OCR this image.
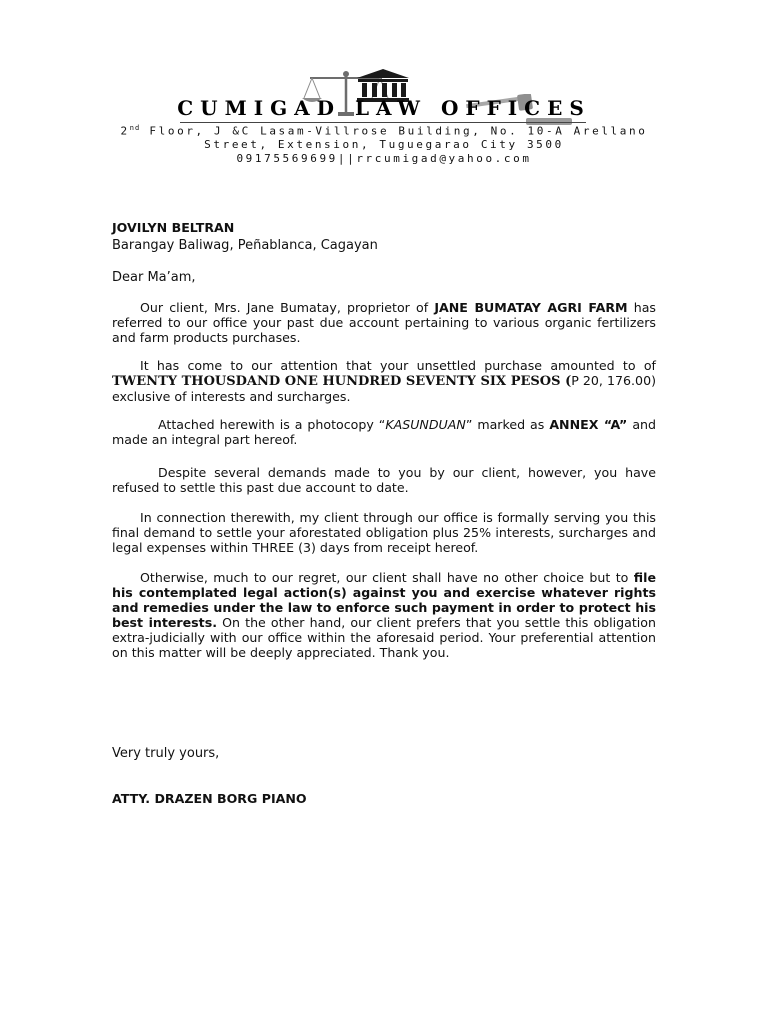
CUMIGAD LAW OFFICES
2nd Floor, J &C Lasam-Villrose Building, No. 10-A Arellano
Street, Extension, Tuguegarao City 3500
09175569699||rrcumigad@yahoo.com

JOVILYN BELTRAN

Barangay Baliwag, Peñablanca, Cagayan

Dear Ma’am,

Our client, Mrs. Jane Bumatay, proprietor of JANE BUMATAY AGRI FARM has referred to our office your past due account pertaining to various organic fertilizers and farm products purchases.

It has come to our attention that your unsettled purchase amounted to of TWENTY THOUSDAND ONE HUNDRED SEVENTY SIX PESOS (P 20, 176.00) exclusive of interests and surcharges.

Attached herewith is a photocopy “KASUNDUAN” marked as ANNEX “A” and made an integral part hereof.

Despite several demands made to you by our client, however, you have refused to settle this past due account to date.

In connection therewith, my client through our office is formally serving you this final demand to settle your aforestated obligation plus 25% interests, surcharges and legal expenses within THREE (3) days from receipt hereof.

Otherwise, much to our regret, our client shall have no other choice but to file his contemplated legal action(s) against you and exercise whatever rights and remedies under the law to enforce such payment in order to protect his best interests. On the other hand, our client prefers that you settle this obligation extra-judicially with our office within the aforesaid period. Your preferential attention on this matter will be deeply appreciated. Thank you.

Very truly yours,

ATTY. DRAZEN BORG PIANO
